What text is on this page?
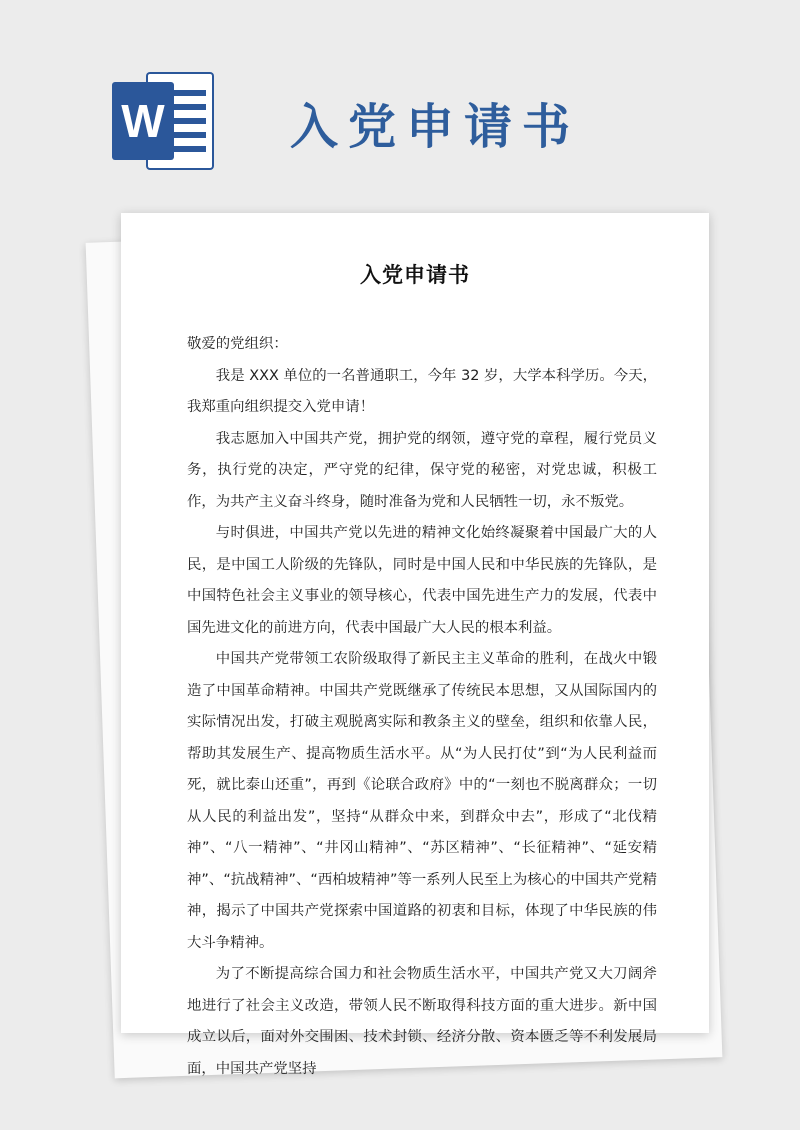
W	入党申请书
入党申请书

敬爱的党组织：

我是 XXX 单位的一名普通职工，今年 32 岁，大学本科学历。今天，我郑重向组织提交入党申请！

我志愿加入中国共产党，拥护党的纲领，遵守党的章程，履行党员义务，执行党的决定，严守党的纪律，保守党的秘密，对党忠诚，积极工作，为共产主义奋斗终身，随时准备为党和人民牺牲一切，永不叛党。

与时俱进，中国共产党以先进的精神文化始终凝聚着中国最广大的人民，是中国工人阶级的先锋队，同时是中国人民和中华民族的先锋队，是中国特色社会主义事业的领导核心，代表中国先进生产力的发展，代表中国先进文化的前进方向，代表中国最广大人民的根本利益。

中国共产党带领工农阶级取得了新民主主义革命的胜利，在战火中锻造了中国革命精神。中国共产党既继承了传统民本思想，又从国际国内的实际情况出发，打破主观脱离实际和教条主义的壁垒，组织和依靠人民，帮助其发展生产、提高物质生活水平。从“为人民打仗”到“为人民利益而死，就比泰山还重”，再到《论联合政府》中的“一刻也不脱离群众；一切从人民的利益出发”，坚持“从群众中来，到群众中去”，形成了“北伐精神”、“八一精神”、“井冈山精神”、“苏区精神”、“长征精神”、“延安精神”、“抗战精神”、“西柏坡精神”等一系列人民至上为核心的中国共产党精神，揭示了中国共产党探索中国道路的初衷和目标，体现了中华民族的伟大斗争精神。

为了不断提高综合国力和社会物质生活水平，中国共产党又大刀阔斧地进行了社会主义改造，带领人民不断取得科技方面的重大进步。新中国成立以后，面对外交围困、技术封锁、经济分散、资本匮乏等不利发展局面，中国共产党坚持
